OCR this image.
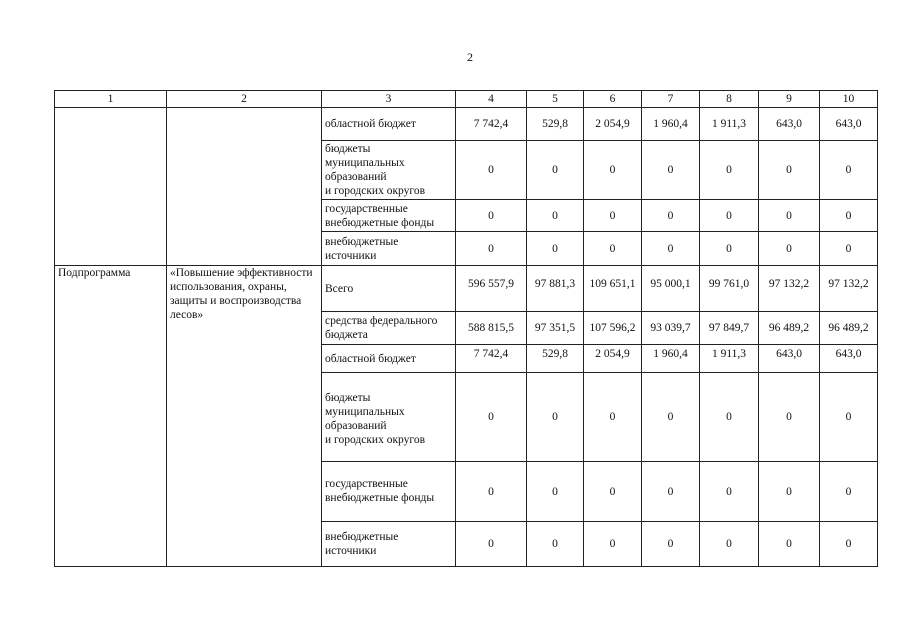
2
1	2	3	4	5	6	7	8	9	10
		областной бюджет	7 742,4	529,8	2 054,9	1 960,4	1 911,3	643,0	643,0
		бюджеты
муниципальных
образований
и городских округов	0	0	0	0	0	0	0
		государственные
внебюджетные фонды	0	0	0	0	0	0	0
		внебюджетные
источники	0	0	0	0	0	0	0
Подпрограмма	«Повышение эффективности использования, охраны, защиты и воспроизводства лесов»	Всего	596 557,9	97 881,3	109 651,1	95 000,1	99 761,0	97 132,2	97 132,2
		средства федерального
бюджета	588 815,5	97 351,5	107 596,2	93 039,7	97 849,7	96 489,2	96 489,2
		областной бюджет	7 742,4	529,8	2 054,9	1 960,4	1 911,3	643,0	643,0
		бюджеты
муниципальных
образований
и городских округов	0	0	0	0	0	0	0
		государственные
внебюджетные фонды	0	0	0	0	0	0	0
		внебюджетные
источники	0	0	0	0	0	0	0
